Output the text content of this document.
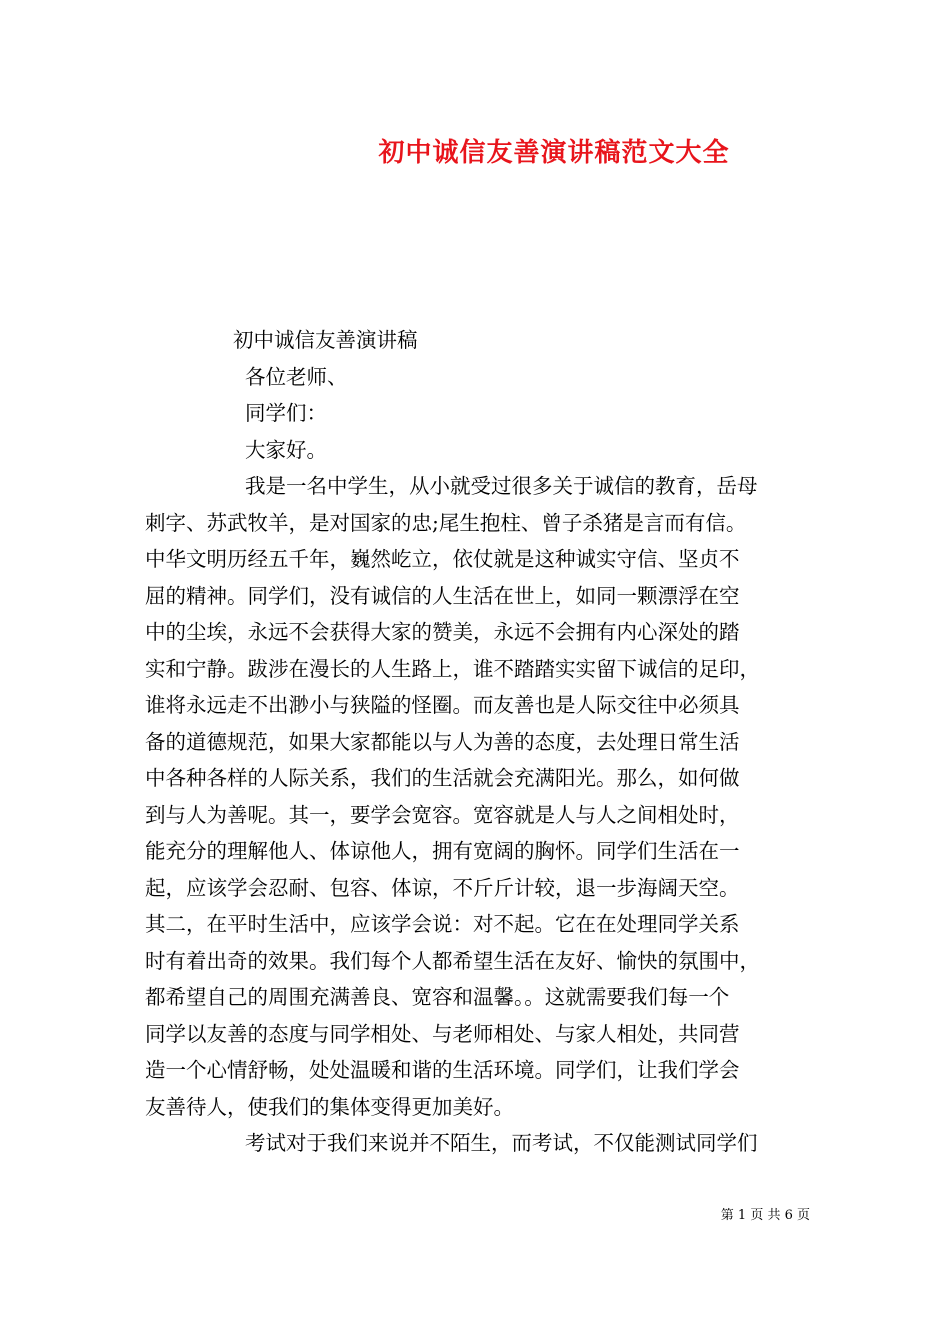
初中诚信友善演讲稿范文大全
初中诚信友善演讲稿
各位老师、
同学们：
大家好。
我是一名中学生，从小就受过很多关于诚信的教育，岳母
刺字、苏武牧羊，是对国家的忠;尾生抱柱、曾子杀猪是言而有信。
中华文明历经五千年，巍然屹立，依仗就是这种诚实守信、坚贞不
屈的精神。同学们，没有诚信的人生活在世上，如同一颗漂浮在空
中的尘埃，永远不会获得大家的赞美，永远不会拥有内心深处的踏
实和宁静。跋涉在漫长的人生路上，谁不踏踏实实留下诚信的足印，
谁将永远走不出渺小与狭隘的怪圈。而友善也是人际交往中必须具
备的道德规范，如果大家都能以与人为善的态度，去处理日常生活
中各种各样的人际关系，我们的生活就会充满阳光。那么，如何做
到与人为善呢。其一，要学会宽容。宽容就是人与人之间相处时，
能充分的理解他人、体谅他人，拥有宽阔的胸怀。同学们生活在一
起，应该学会忍耐、包容、体谅，不斤斤计较，退一步海阔天空。
其二，在平时生活中，应该学会说：对不起。它在在处理同学关系
时有着出奇的效果。我们每个人都希望生活在友好、愉快的氛围中，
都希望自己的周围充满善良、宽容和温馨。。这就需要我们每一个
同学以友善的态度与同学相处、与老师相处、与家人相处，共同营
造一个心情舒畅，处处温暖和谐的生活环境。同学们，让我们学会
友善待人，使我们的集体变得更加美好。
考试对于我们来说并不陌生，而考试，不仅能测试同学们
第 1 页 共 6 页
